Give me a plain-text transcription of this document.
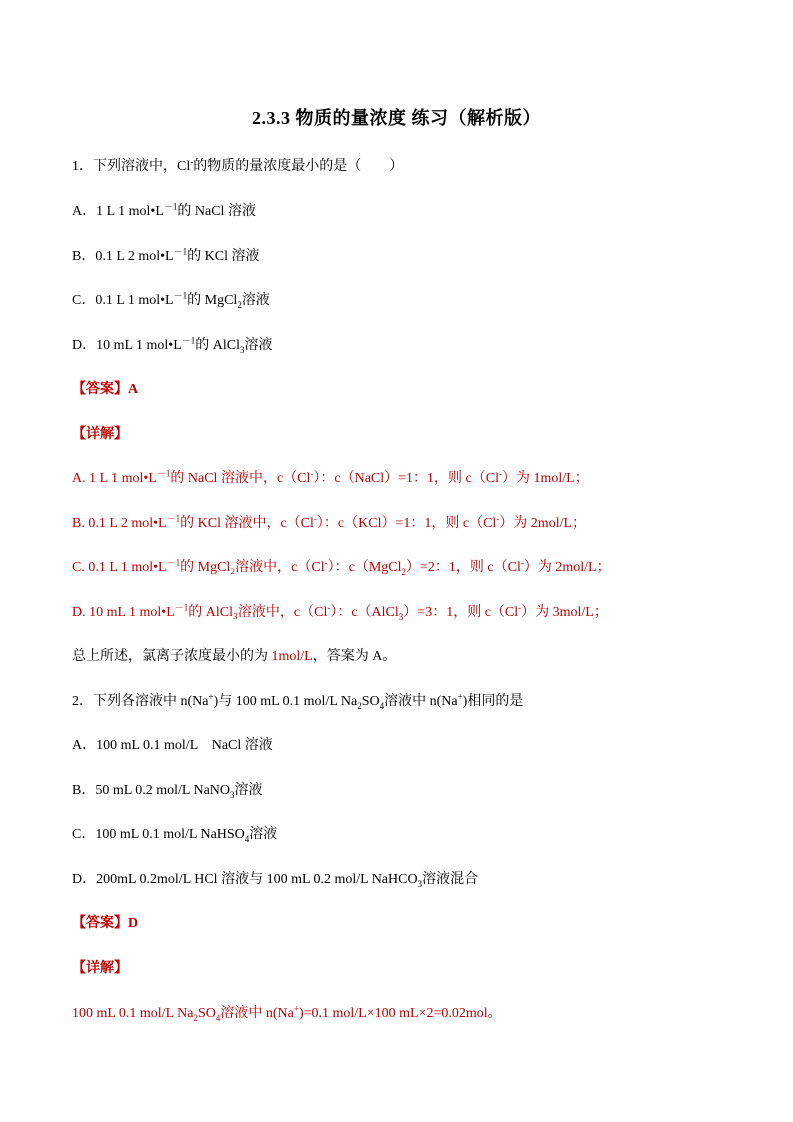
2.3.3 物质的量浓度 练习（解析版）
1．下列溶液中，Cl-的物质的量浓度最小的是（　　）
A．1 L 1 $mol•L^{-1}$的 NaCl 溶液
B．0.1 L 2 $mol•L^{-1}$的 KCl 溶液
C．0.1 L 1 $mol•L^{-1}$的 MgCl$_2$溶液
D．10 mL 1 $mol•L^{-1}$的 AlCl$_3$溶液
【答案】A
【详解】
A. 1 L 1 $mol•L^{-1}$的 NaCl 溶液中，c（Cl-）：c（NaCl）=1：1，则 c（Cl-）为 1mol/L；
B. 0.1 L 2 $mol•L^{-1}$的 KCl 溶液中，c（Cl-）：c（KCl）=1：1，则 c（Cl-）为 2mol/L；
C. 0.1 L 1 $mol•L^{-1}$的 MgCl₂溶液中，c（Cl-）：c（MgCl$_2$）=2：1，则 c（Cl-）为 2mol/L；
D. 10 mL 1 $mol•L^{-1}$的 AlCl₃溶液中，c（Cl-）：c（AlCl$_3$）=3：1，则 c（Cl-）为 3mol/L；
总上所述，氯离子浓度最小的为 1mol/L，答案为 A。
2．下列各溶液中 n(Na+)与 100 mL 0.1 mol/L $Na_2SO_4$溶液中 n(Na+)相同的是
A．100 mL 0.1 mol/L　NaCl 溶液
B．50 mL 0.2 mol/L NaNO$_3$溶液
C．100 mL 0.1 mol/L NaHSO$_4$溶液
D．200mL 0.2mol/L HCl 溶液与 100 mL 0.2 mol/L NaHCO$_3$溶液混合
【答案】D
【详解】
100 mL 0.1 mol/L $Na_2SO_4$溶液中 n(Na+)=0.1 mol/L×100 mL×2=0.02mol。
